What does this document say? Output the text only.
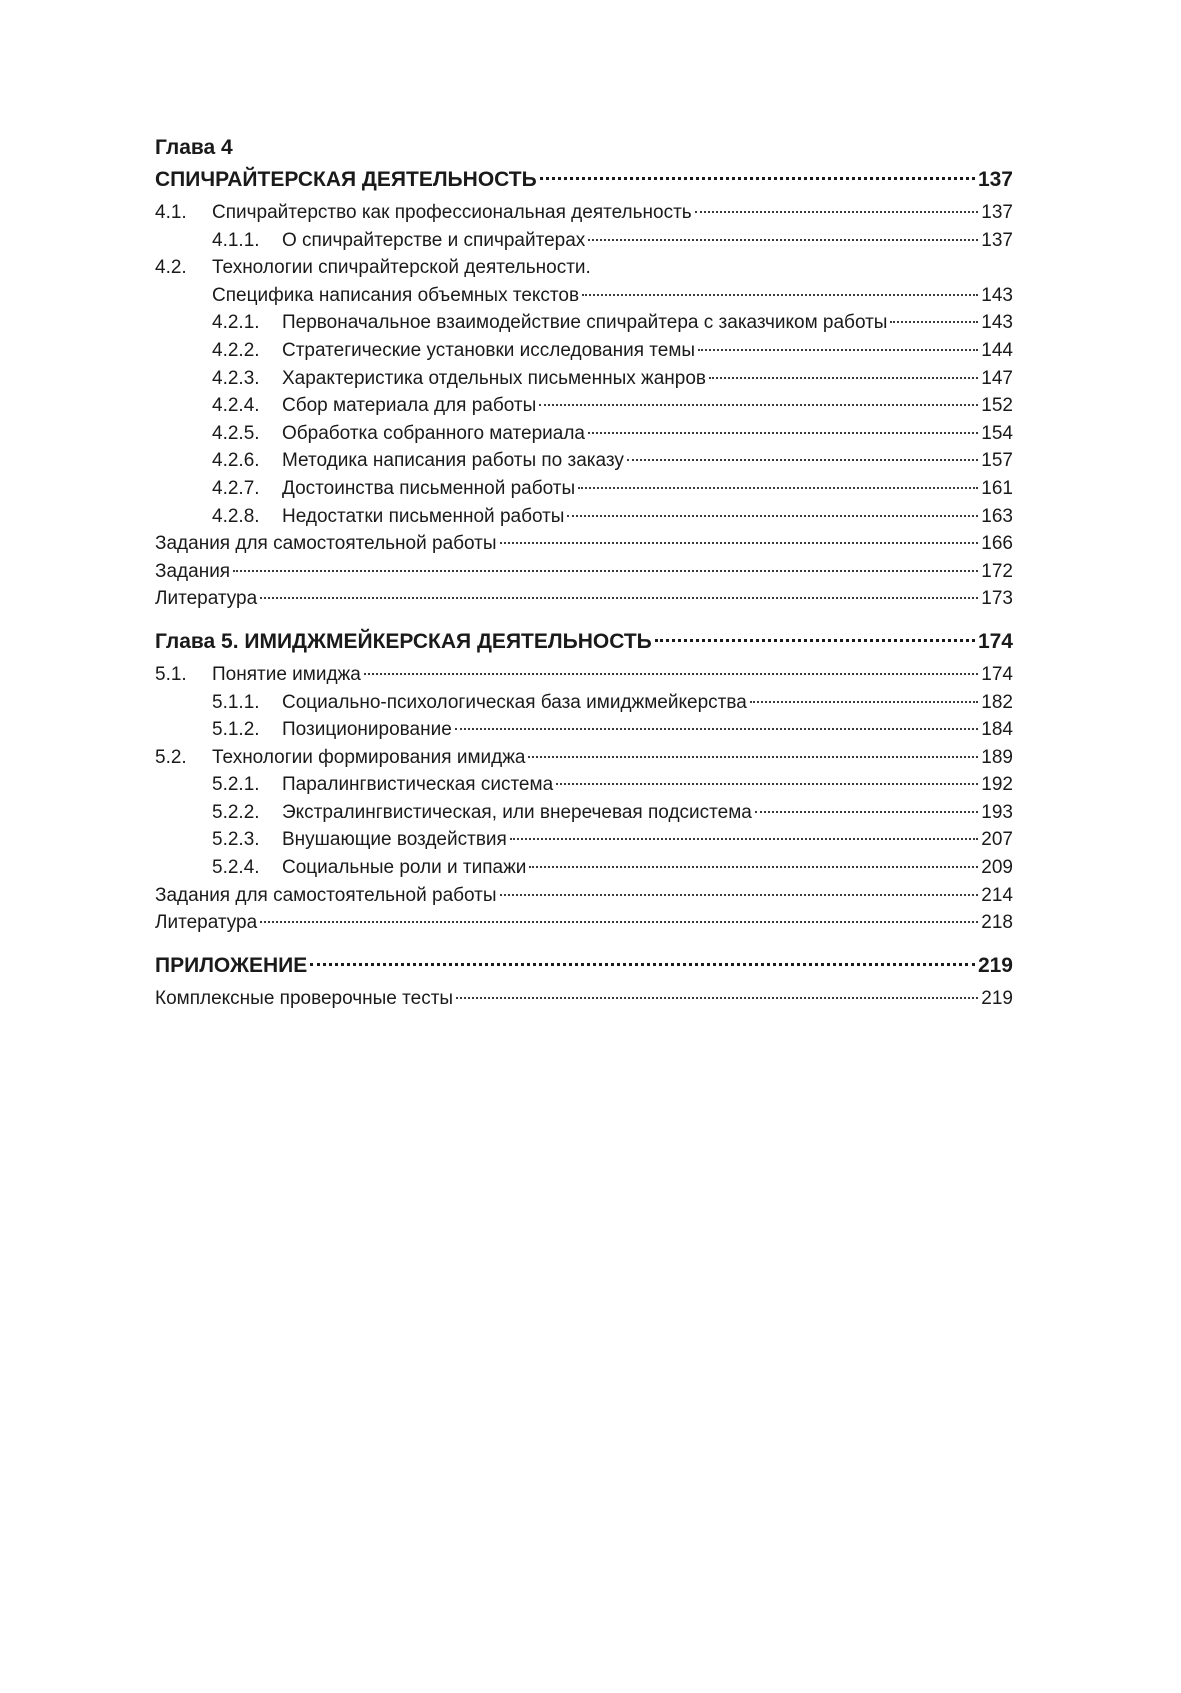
Глава 4
СПИЧРАЙТЕРСКАЯ ДЕЯТЕЛЬНОСТЬ	137
4.1.	Спичрайтерство как профессиональная деятельность	137
4.1.1.	О спичрайтерстве и спичрайтерах	137
4.2.	Технологии спичрайтерской деятельности.
Специфика написания объемных текстов	143
4.2.1.	Первоначальное взаимодействие спичрайтера с заказчиком работы	143
4.2.2.	Стратегические установки исследования темы	144
4.2.3.	Характеристика отдельных письменных жанров	147
4.2.4.	Сбор материала для работы	152
4.2.5.	Обработка собранного материала	154
4.2.6.	Методика написания работы по заказу	157
4.2.7.	Достоинства письменной работы	161
4.2.8.	Недостатки письменной работы	163
Задания для самостоятельной работы	166
Задания	172
Литература	173
Глава 5. ИМИДЖМЕЙКЕРСКАЯ ДЕЯТЕЛЬНОСТЬ	174
5.1.	Понятие имиджа	174
5.1.1.	Социально-психологическая база имиджмейкерства	182
5.1.2.	Позиционирование	184
5.2.	Технологии формирования имиджа	189
5.2.1.	Паралингвистическая система	192
5.2.2.	Экстралингвистическая, или внеречевая подсистема	193
5.2.3.	Внушающие воздействия	207
5.2.4.	Социальные роли и типажи	209
Задания для самостоятельной работы	214
Литература	218
ПРИЛОЖЕНИЕ	219
Комплексные проверочные тесты	219
